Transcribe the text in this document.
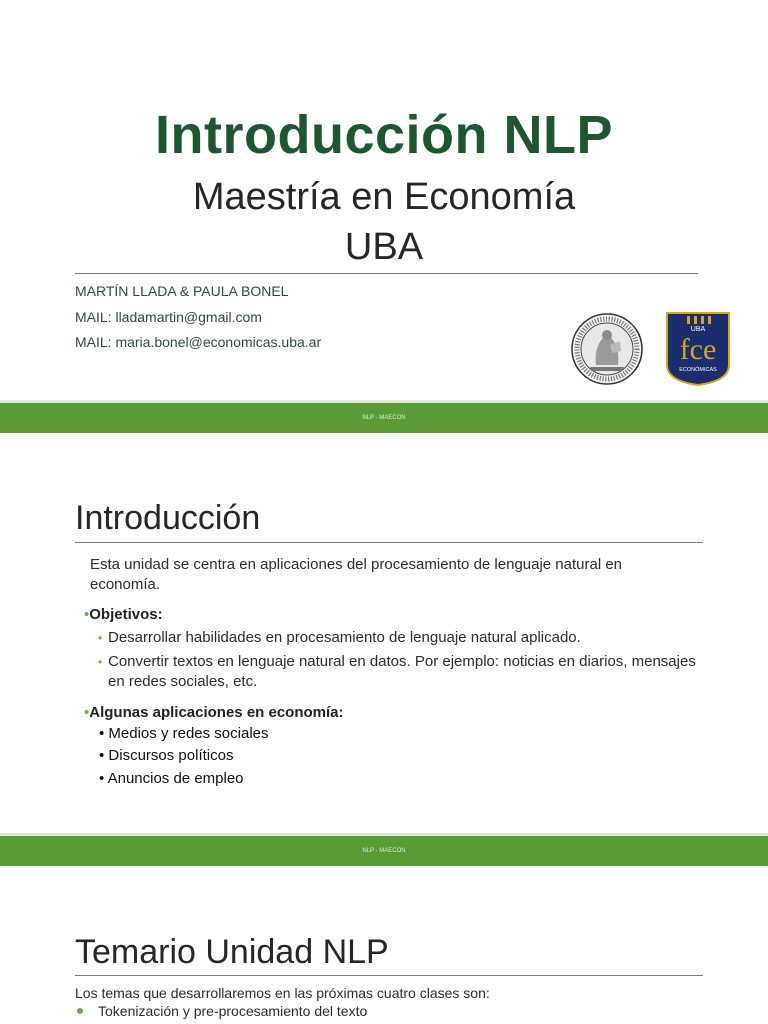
Introducción NLP
Maestría en Economía
UBA
MARTÍN LLADA & PAULA BONEL
MAIL: lladamartin@gmail.com
MAIL: maria.bonel@economicas.uba.ar
UBA
fce
ECONÓMICAS
NLP - MAECON
Introducción
Esta unidad se centra en aplicaciones del procesamiento de lenguaje natural en economía.
•Objetivos:
• Desarrollar habilidades en procesamiento de lenguaje natural aplicado.
• Convertir textos en lenguaje natural en datos. Por ejemplo: noticias en diarios, mensajes en redes sociales, etc.
•Algunas aplicaciones en economía:
• Medios y redes sociales
• Discursos políticos
• Anuncios de empleo
NLP - MAECON
Temario Unidad NLP
Los temas que desarrollaremos en las próximas cuatro clases son:
Tokenización y pre-procesamiento del texto
